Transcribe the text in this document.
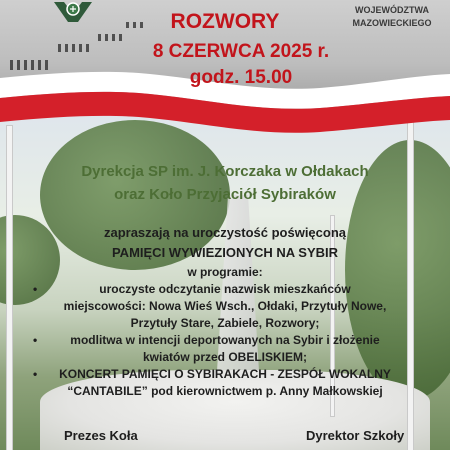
ROZWORY
8 CZERWCA 2025 r.
godz. 15.00
WOJEWÓDZTWA
MAZOWIECKIEGO
Dyrekcja SP im. J. Korczaka w Ołdakach
oraz Koło Przyjaciół Sybiraków
zapraszają na uroczystość poświęconą
PAMIĘCI WYWIEZIONYCH NA SYBIR
w programie:
•	uroczyste odczytanie nazwisk mieszkańców
miejscowości: Nowa Wieś Wsch., Ołdaki, Przytuły Nowe,
Przytuły Stare, Zabiele, Rozwory;
•	modlitwa w intencji deportowanych na Sybir i złożenie
kwiatów przed OBELISKIEM;
• KONCERT PAMIĘCI O SYBIRAKACH - ZESPÓŁ WOKALNY
“CANTABILE” pod kierownictwem p. Anny Małkowskiej
Prezes Koła	Dyrektor Szkoły
